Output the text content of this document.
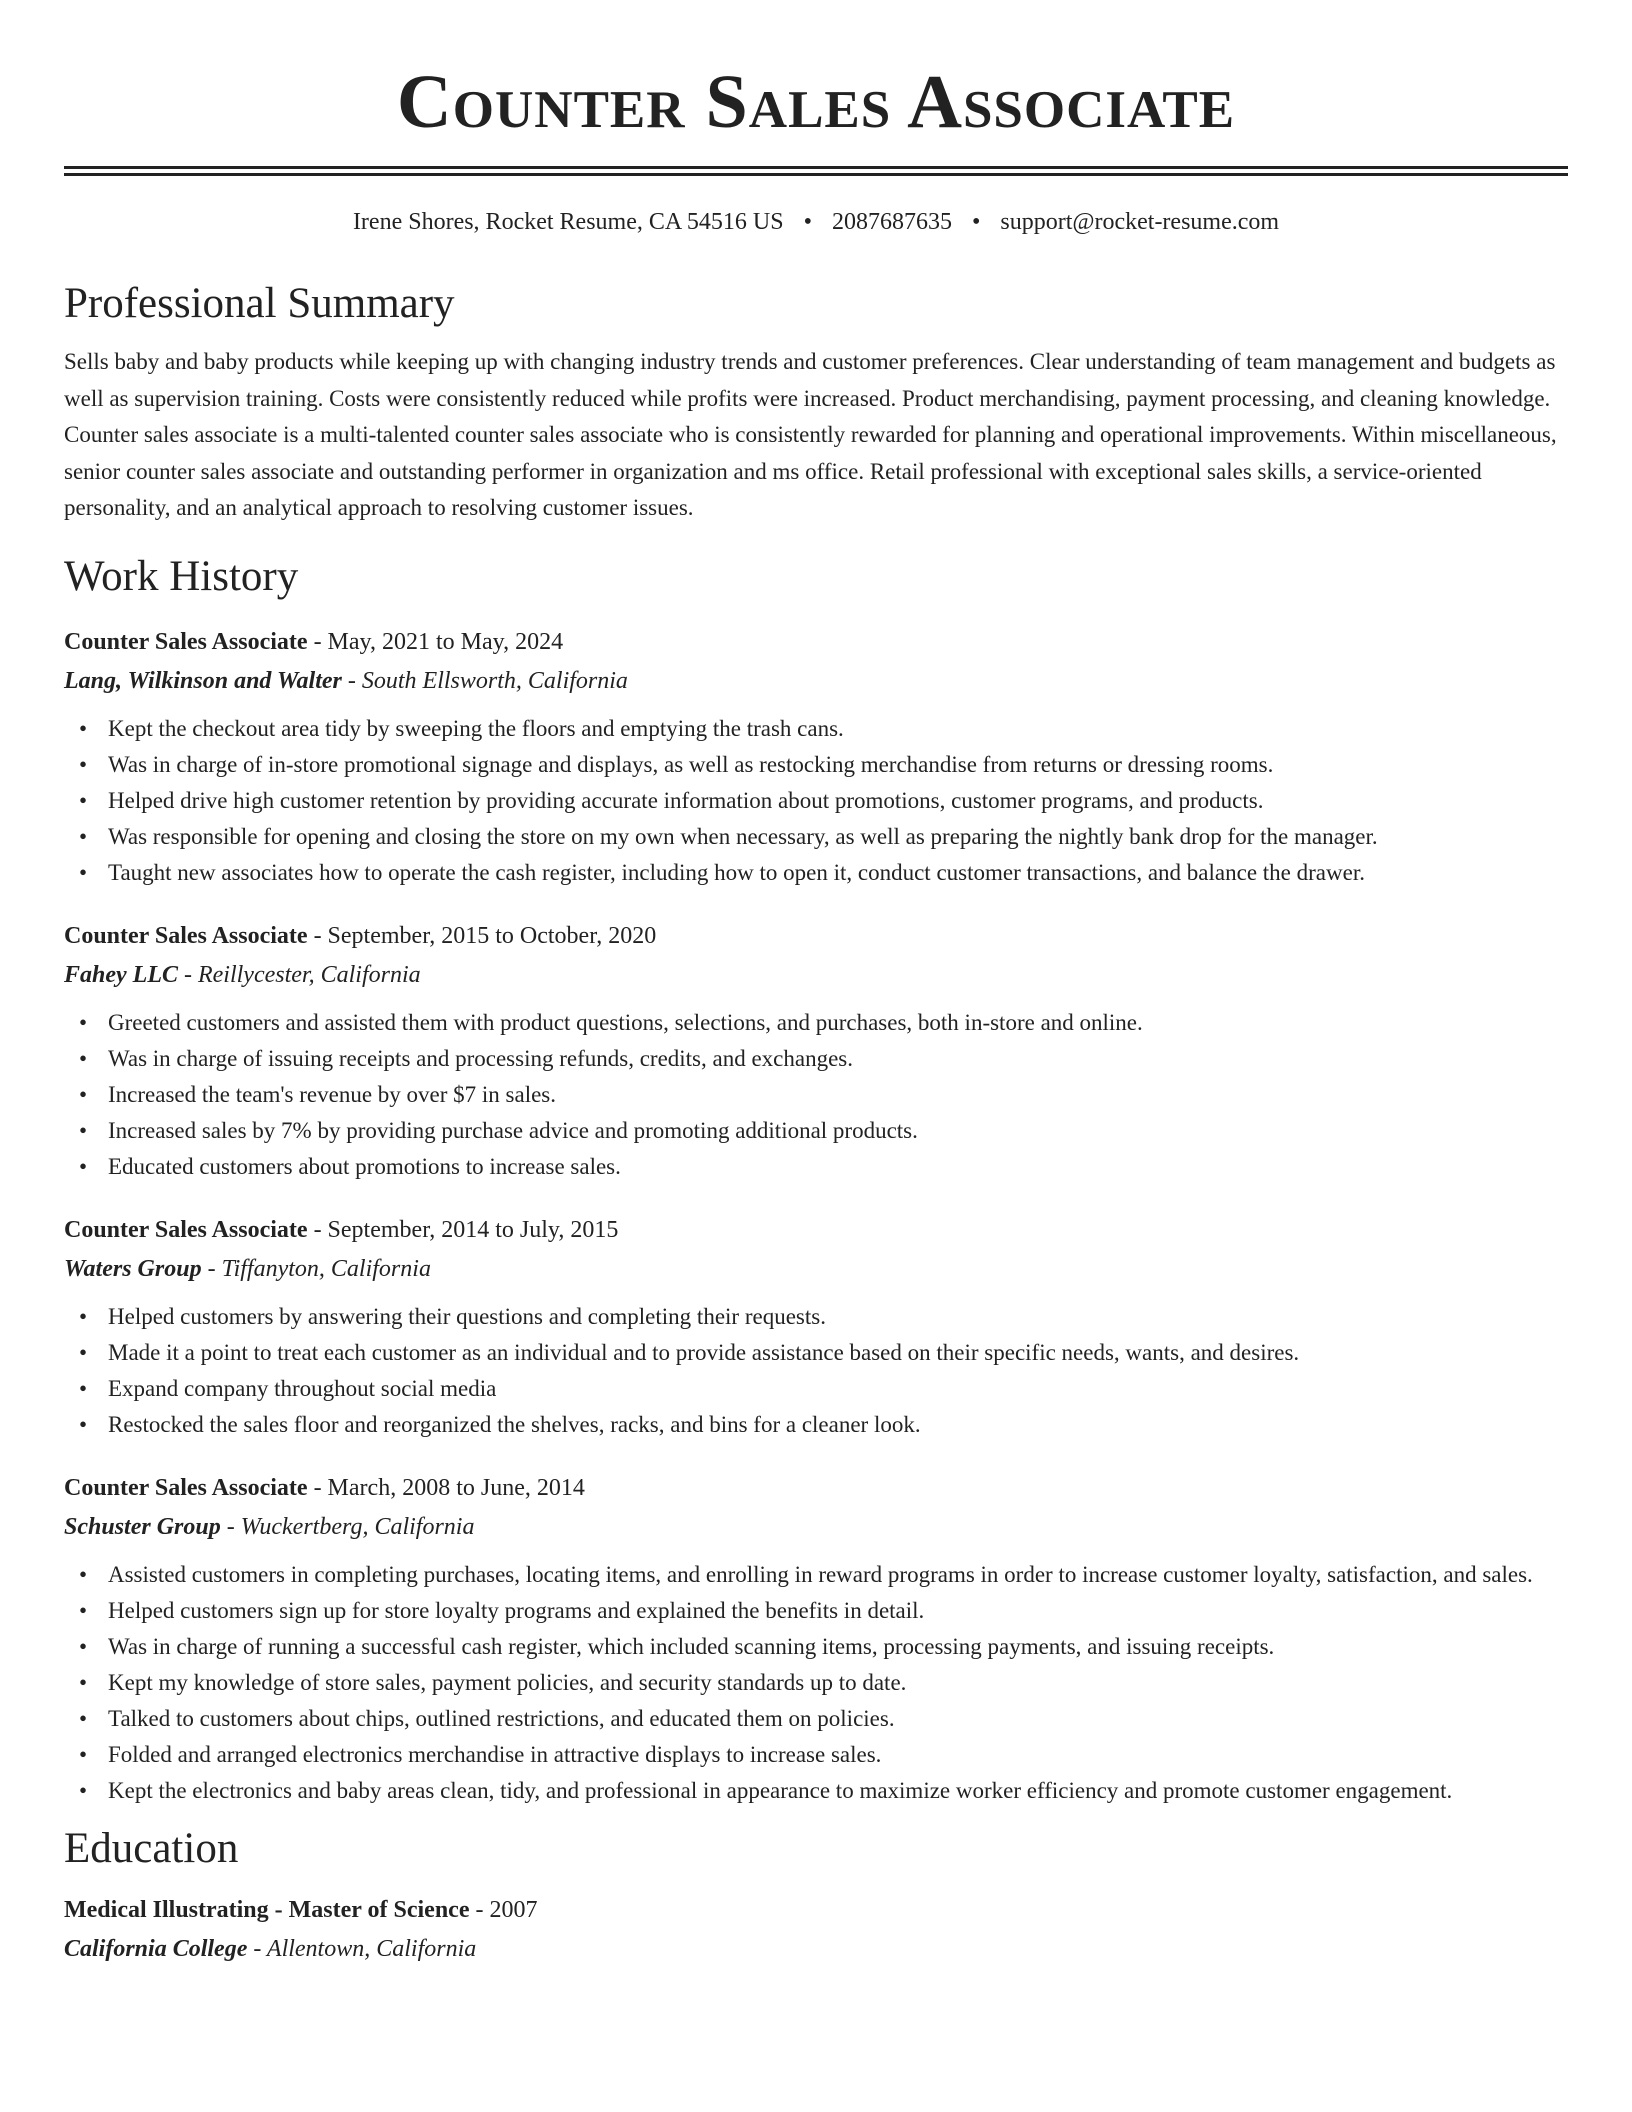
Counter Sales Associate
Irene Shores, Rocket Resume, CA 54516 US • 2087687635 • support@rocket-resume.com
Professional Summary

Sells baby and baby products while keeping up with changing industry trends and customer preferences. Clear understanding of team management and budgets as well as supervision training. Costs were consistently reduced while profits were increased. Product merchandising, payment processing, and cleaning knowledge. Counter sales associate is a multi-talented counter sales associate who is consistently rewarded for planning and operational improvements. Within miscellaneous, senior counter sales associate and outstanding performer in organization and ms office. Retail professional with exceptional sales skills, a service-oriented personality, and an analytical approach to resolving customer issues.

Work History
Counter Sales Associate - May, 2021 to May, 2024
Lang, Wilkinson and Walter - South Ellsworth, California
• Kept the checkout area tidy by sweeping the floors and emptying the trash cans.
• Was in charge of in-store promotional signage and displays, as well as restocking merchandise from returns or dressing rooms.
• Helped drive high customer retention by providing accurate information about promotions, customer programs, and products.
• Was responsible for opening and closing the store on my own when necessary, as well as preparing the nightly bank drop for the manager.
• Taught new associates how to operate the cash register, including how to open it, conduct customer transactions, and balance the drawer.
Counter Sales Associate - September, 2015 to October, 2020
Fahey LLC - Reillycester, California
• Greeted customers and assisted them with product questions, selections, and purchases, both in-store and online.
• Was in charge of issuing receipts and processing refunds, credits, and exchanges.
• Increased the team's revenue by over $7 in sales.
• Increased sales by 7% by providing purchase advice and promoting additional products.
• Educated customers about promotions to increase sales.
Counter Sales Associate - September, 2014 to July, 2015
Waters Group - Tiffanyton, California
• Helped customers by answering their questions and completing their requests.
• Made it a point to treat each customer as an individual and to provide assistance based on their specific needs, wants, and desires.
• Expand company throughout social media
• Restocked the sales floor and reorganized the shelves, racks, and bins for a cleaner look.
Counter Sales Associate - March, 2008 to June, 2014
Schuster Group - Wuckertberg, California
• Assisted customers in completing purchases, locating items, and enrolling in reward programs in order to increase customer loyalty, satisfaction, and sales.
• Helped customers sign up for store loyalty programs and explained the benefits in detail.
• Was in charge of running a successful cash register, which included scanning items, processing payments, and issuing receipts.
• Kept my knowledge of store sales, payment policies, and security standards up to date.
• Talked to customers about chips, outlined restrictions, and educated them on policies.
• Folded and arranged electronics merchandise in attractive displays to increase sales.
• Kept the electronics and baby areas clean, tidy, and professional in appearance to maximize worker efficiency and promote customer engagement.
Education
Medical Illustrating - Master of Science - 2007
California College - Allentown, California
